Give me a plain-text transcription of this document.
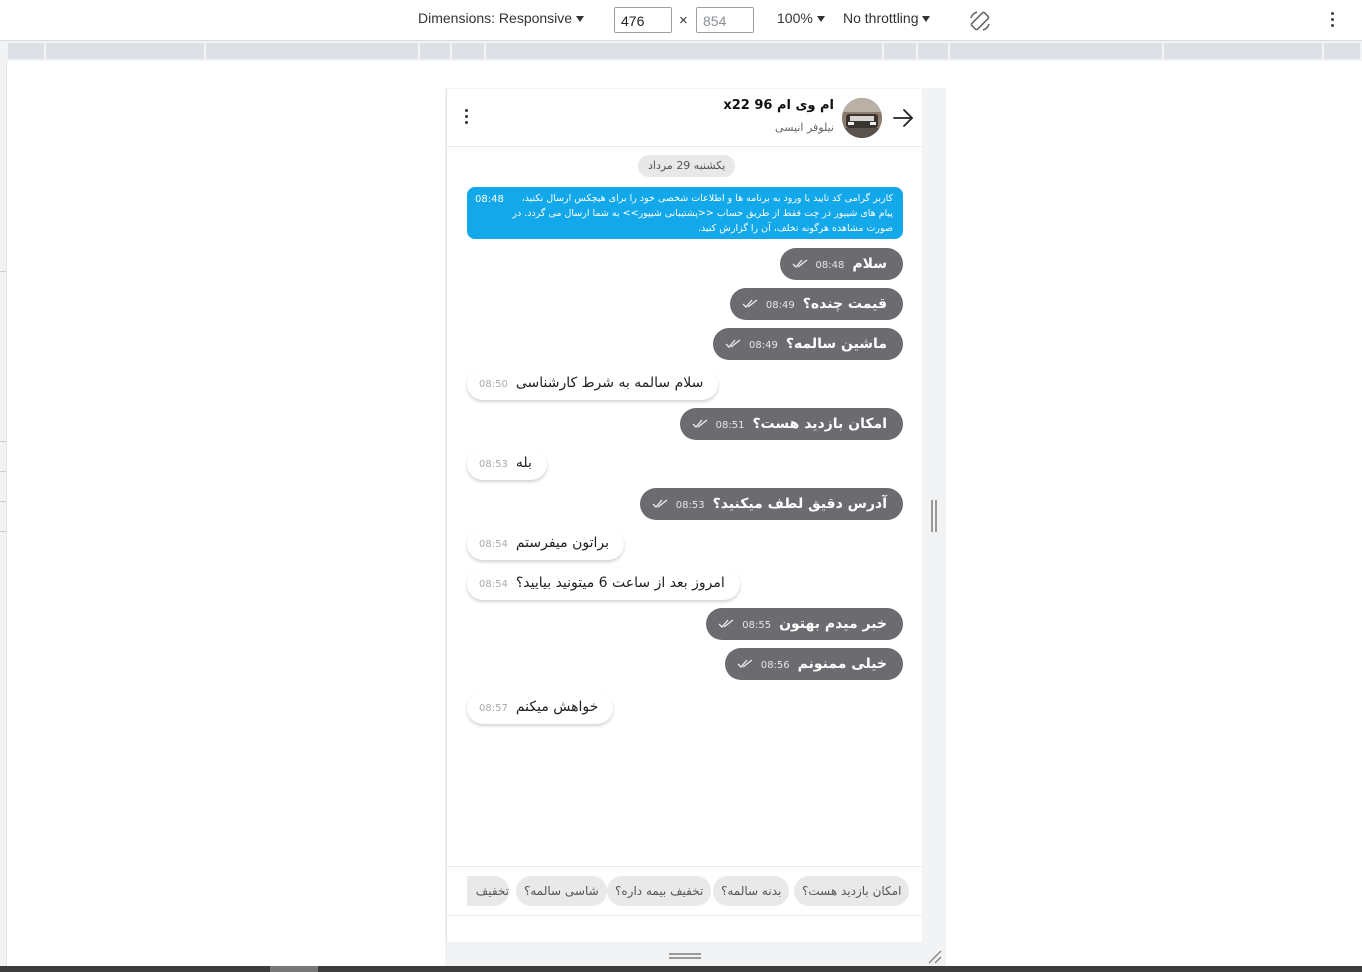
Dimensions: Responsive	476	×	854	100%	No throttling
ام وی ام 96 x22
نیلوفر انیسی
یکشنبه 29 مرداد
08:48 کاربر گرامی کد تایید یا ورود به برنامه ها و اطلاعات شخصی خود را برای هیچکس ارسال نکنید، پیام های شیپور در چت فقط از طریق حساب <<پشتیبانی شیپور>> به شما ارسال می گردد. در صورت مشاهده هرگونه تخلف، آن را گزارش کنید.
سلام08:48
قیمت چنده؟08:49
ماشین سالمه؟08:49
سلام سالمه به شرط کارشناسی08:50
امکان بازدید هست؟08:51
بله08:53
آدرس دقیق لطف میکنید؟08:53
براتون میفرستم08:54
امروز بعد از ساعت 6 میتونید بیایید؟08:54
خبر میدم بهتون08:55
خیلی ممنونم08:56
خواهش میکنم08:57
امکان بازدید هست؟
بدنه سالمه؟
تخفیف بیمه داره؟
شاسی سالمه؟
تخفیف
